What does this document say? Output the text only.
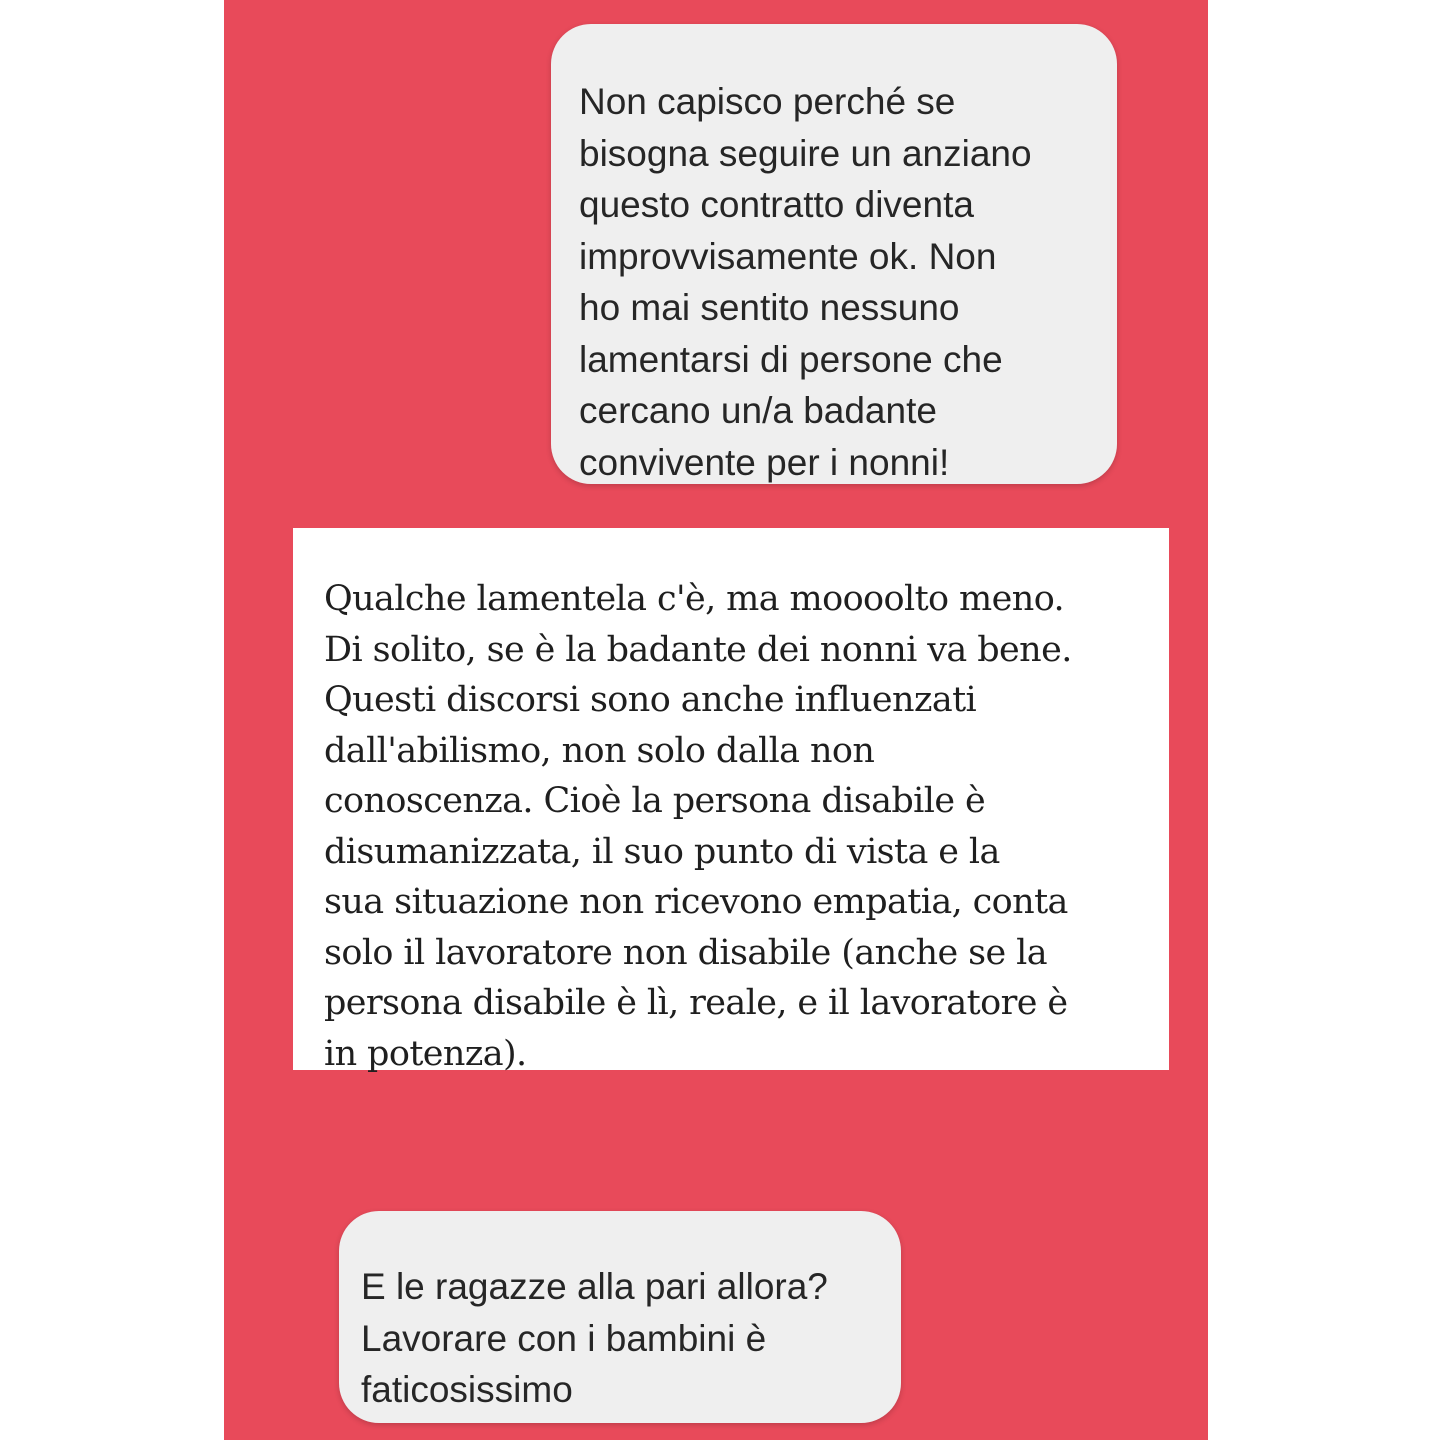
Non capisco perché se
bisogna seguire un anziano
questo contratto diventa
improvvisamente ok. Non
ho mai sentito nessuno
lamentarsi di persone che
cercano un/a badante
convivente per i nonni!

Qualche lamentela c'è, ma moooolto meno.
Di solito, se è la badante dei nonni va bene.
Questi discorsi sono anche influenzati
dall'abilismo, non solo dalla non
conoscenza. Cioè la persona disabile è
disumanizzata, il suo punto di vista e la
sua situazione non ricevono empatia, conta
solo il lavoratore non disabile (anche se la
persona disabile è lì, reale, e il lavoratore è
in potenza).

E le ragazze alla pari allora?
Lavorare con i bambini è
faticosissimo
